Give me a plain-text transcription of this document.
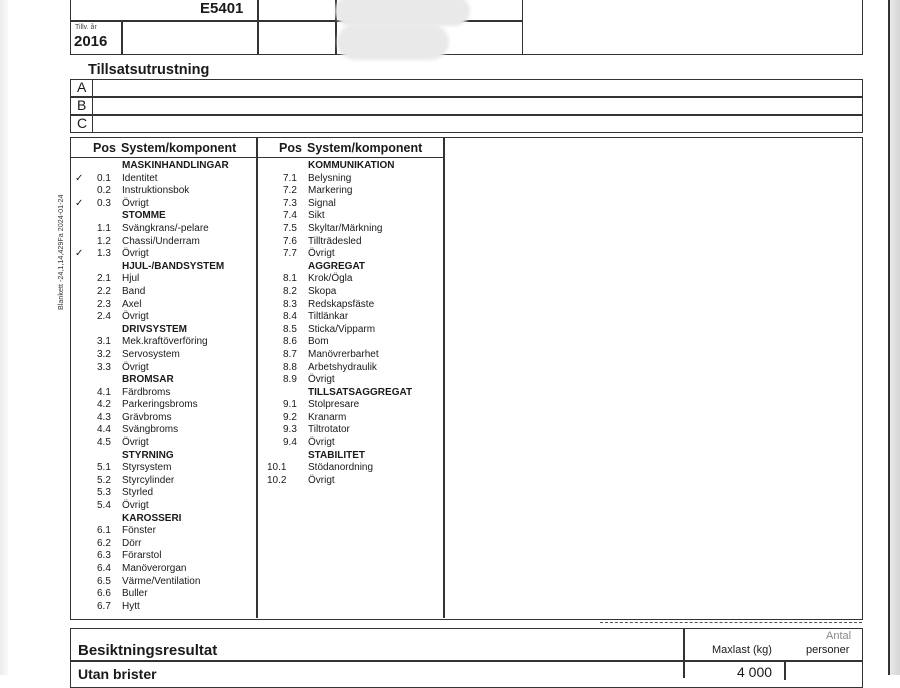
E5401
Tillv. år
2016
Tillsatsutrustning
A
B
C
Blankett -24,1,14,429Fa 2024-01-24
Pos System/komponent	Pos System/komponent
MASKINHANDLINGAR
✓ 0.1 Identitet
0.2 Instruktionsbok
✓ 0.3 Övrigt
STOMME
1.1 Svängkrans/-pelare
1.2 Chassi/Underram
✓ 1.3 Övrigt
HJUL-/BANDSYSTEM
2.1 Hjul
2.2 Band
2.3 Axel
2.4 Övrigt
DRIVSYSTEM
3.1 Mek.kraftöverföring
3.2 Servosystem
3.3 Övrigt
BROMSAR
4.1 Färdbroms
4.2 Parkeringsbroms
4.3 Grävbroms
4.4 Svängbroms
4.5 Övrigt
STYRNING
5.1 Styrsystem
5.2 Styrcylinder
5.3 Styrled
5.4 Övrigt
KAROSSERI
6.1 Fönster
6.2 Dörr
6.3 Förarstol
6.4 Manöverorgan
6.5 Värme/Ventilation
6.6 Buller
6.7 Hytt
KOMMUNIKATION
7.1 Belysning
7.2 Markering
7.3 Signal
7.4 Sikt
7.5 Skyltar/Märkning
7.6 Tillträdesled
7.7 Övrigt
AGGREGAT
8.1 Krok/Ögla
8.2 Skopa
8.3 Redskapsfäste
8.4 Tiltlänkar
8.5 Sticka/Vipparm
8.6 Bom
8.7 Manövrerbarhet
8.8 Arbetshydraulik
8.9 Övrigt
TILLSATSAGGREGAT
9.1 Stolpresare
9.2 Kranarm
9.3 Tiltrotator
9.4 Övrigt
STABILITET
10.1 Stödanordning
10.2 Övrigt
Besiktningsresultat
Utan brister
Maxlast (kg)
Antal
personer
4 000
